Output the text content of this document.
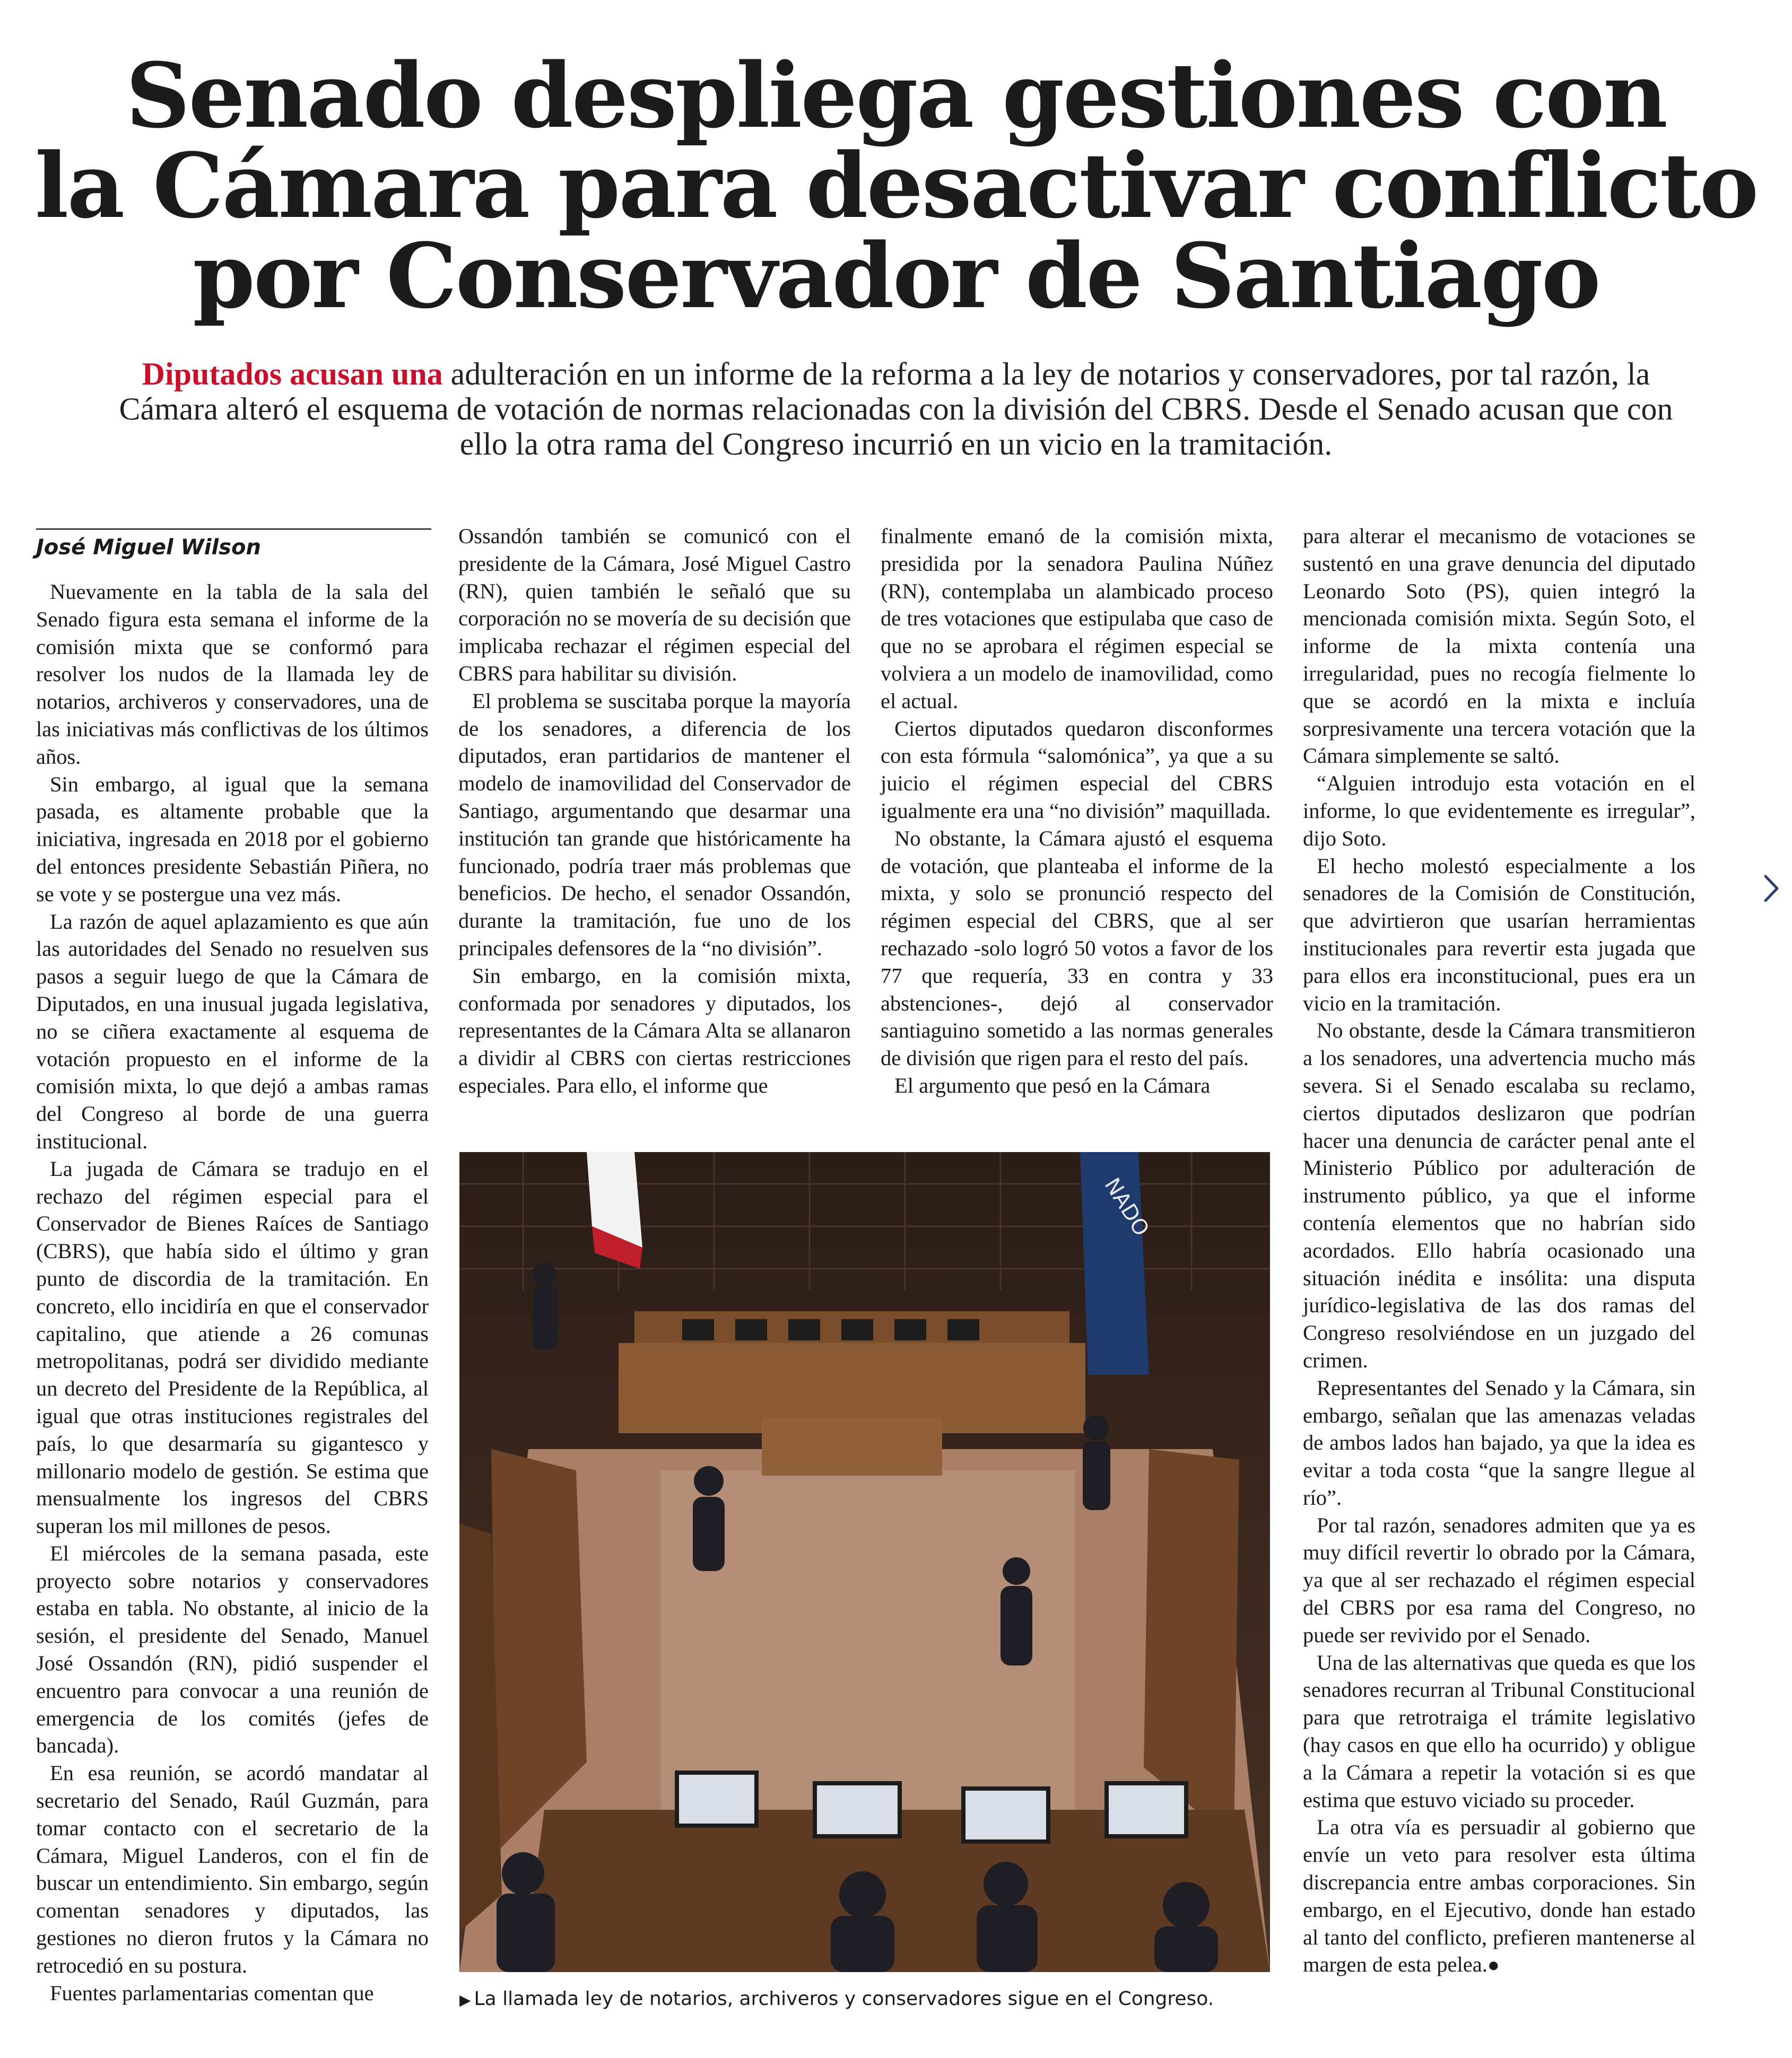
Senado despliega gestiones con
la Cámara para desactivar conflicto
por Conservador de Santiago

Diputados acusan una adulteración en un informe de la reforma a la ley de notarios y conservadores, por tal razón, la Cámara alteró el esquema de votación de normas relacionadas con la división del CBRS. Desde el Senado acusan que con ello la otra rama del Congreso incurrió en un vicio en la tramitación.

José Miguel Wilson

Nuevamente en la tabla de la sala del Senado figura esta semana el informe de la comisión mixta que se conformó para resolver los nudos de la llamada ley de notarios, archiveros y conservadores, una de las iniciativas más conflictivas de los últimos años.

Sin embargo, al igual que la semana pasada, es altamente probable que la iniciativa, ingresada en 2018 por el gobierno del entonces presidente Sebastián Piñera, no se vote y se postergue una vez más.

La razón de aquel aplazamiento es que aún las autoridades del Senado no resuelven sus pasos a seguir luego de que la Cámara de Diputados, en una inusual jugada legislativa, no se ciñera exactamente al esquema de votación propuesto en el informe de la comisión mixta, lo que dejó a ambas ramas del Congreso al borde de una guerra institucional.

La jugada de Cámara se tradujo en el rechazo del régimen especial para el Conservador de Bienes Raíces de Santiago (CBRS), que había sido el último y gran punto de discordia de la tramitación. En concreto, ello incidiría en que el conservador capitalino, que atiende a 26 comunas metropolitanas, podrá ser dividido mediante un decreto del Presidente de la República, al igual que otras instituciones registrales del país, lo que desarmaría su gigantesco y millonario modelo de gestión. Se estima que mensualmente los ingresos del CBRS superan los mil millones de pesos.

El miércoles de la semana pasada, este proyecto sobre notarios y conservadores estaba en tabla. No obstante, al inicio de la sesión, el presidente del Senado, Manuel José Ossandón (RN), pidió suspender el encuentro para convocar a una reunión de emergencia de los comités (jefes de bancada).

En esa reunión, se acordó mandatar al secretario del Senado, Raúl Guzmán, para tomar contacto con el secretario de la Cámara, Miguel Landeros, con el fin de buscar un entendimiento. Sin embargo, según comentan senadores y diputados, las gestiones no dieron frutos y la Cámara no retrocedió en su postura.

Fuentes parlamentarias comentan que

Ossandón también se comunicó con el presidente de la Cámara, José Miguel Castro (RN), quien también le señaló que su corporación no se movería de su decisión que implicaba rechazar el régimen especial del CBRS para habilitar su división.

El problema se suscitaba porque la mayoría de los senadores, a diferencia de los diputados, eran partidarios de mantener el modelo de inamovilidad del Conservador de Santiago, argumentando que desarmar una institución tan grande que históricamente ha funcionado, podría traer más problemas que beneficios. De hecho, el senador Ossandón, durante la tramitación, fue uno de los principales defensores de la “no división”.

Sin embargo, en la comisión mixta, conformada por senadores y diputados, los representantes de la Cámara Alta se allanaron a dividir al CBRS con ciertas restricciones especiales. Para ello, el informe que

finalmente emanó de la comisión mixta, presidida por la senadora Paulina Núñez (RN), contemplaba un alambicado proceso de tres votaciones que estipulaba que caso de que no se aprobara el régimen especial se volviera a un modelo de inamovilidad, como el actual.

Ciertos diputados quedaron disconformes con esta fórmula “salomónica”, ya que a su juicio el régimen especial del CBRS igualmente era una “no división” maquillada.

No obstante, la Cámara ajustó el esquema de votación, que planteaba el informe de la mixta, y solo se pronunció respecto del régimen especial del CBRS, que al ser rechazado -solo logró 50 votos a favor de los 77 que requería, 33 en contra y 33 abstenciones-, dejó al conservador santiaguino sometido a las normas generales de división que rigen para el resto del país.

El argumento que pesó en la Cámara

para alterar el mecanismo de votaciones se sustentó en una grave denuncia del diputado Leonardo Soto (PS), quien integró la mencionada comisión mixta. Según Soto, el informe de la mixta contenía una irregularidad, pues no recogía fielmente lo que se acordó en la mixta e incluía sorpresivamente una tercera votación que la Cámara simplemente se saltó.

“Alguien introdujo esta votación en el informe, lo que evidentemente es irregular”, dijo Soto.

El hecho molestó especialmente a los senadores de la Comisión de Constitución, que advirtieron que usarían herramientas institucionales para revertir esta jugada que para ellos era inconstitucional, pues era un vicio en la tramitación.

No obstante, desde la Cámara transmitieron a los senadores, una advertencia mucho más severa. Si el Senado escalaba su reclamo, ciertos diputados deslizaron que podrían hacer una denuncia de carácter penal ante el Ministerio Público por adulteración de instrumento público, ya que el informe contenía elementos que no habrían sido acordados. Ello habría ocasionado una situación inédita e insólita: una disputa jurídico-legislativa de las dos ramas del Congreso resolviéndose en un juzgado del crimen.

Representantes del Senado y la Cámara, sin embargo, señalan que las amenazas veladas de ambos lados han bajado, ya que la idea es evitar a toda costa “que la sangre llegue al río”.

Por tal razón, senadores admiten que ya es muy difícil revertir lo obrado por la Cámara, ya que al ser rechazado el régimen especial del CBRS por esa rama del Congreso, no puede ser revivido por el Senado.

Una de las alternativas que queda es que los senadores recurran al Tribunal Constitucional para que retrotraiga el trámite legislativo (hay casos en que ello ha ocurrido) y obligue a la Cámara a repetir la votación si es que estima que estuvo viciado su proceder.

La otra vía es persuadir al gobierno que envíe un veto para resolver esta última discrepancia entre ambas corporaciones. Sin embargo, en el Ejecutivo, donde han estado al tanto del conflicto, prefieren mantenerse al margen de esta pelea.●

NADO
▶ La llamada ley de notarios, archiveros y conservadores sigue en el Congreso.
